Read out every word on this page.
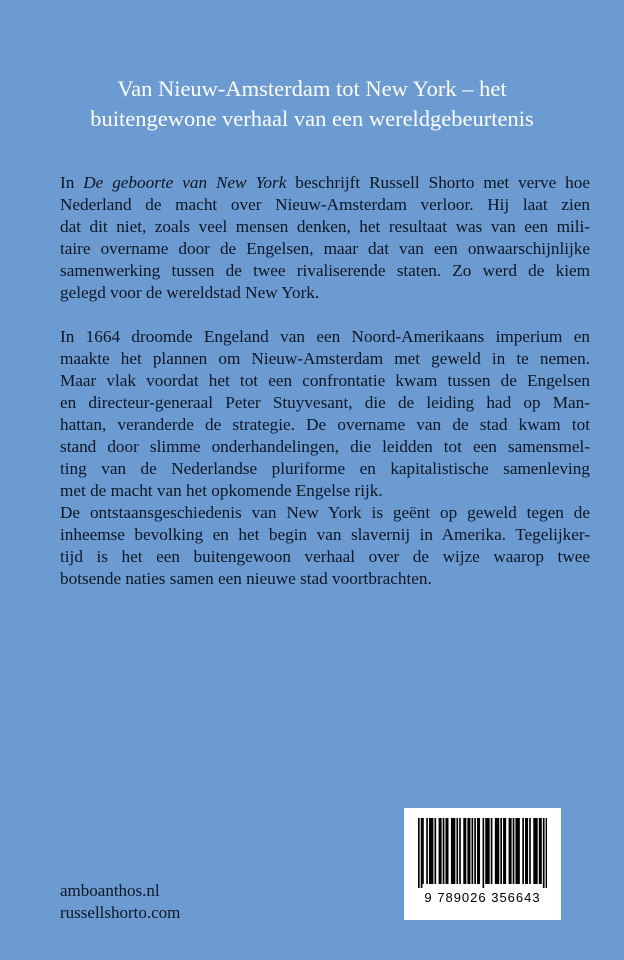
Van Nieuw-Amsterdam tot New York – het
buitengewone verhaal van een wereldgebeurtenis

In De geboorte van New York beschrijft Russell Shorto met verve hoe
Nederland de macht over Nieuw-Amsterdam verloor. Hij laat zien
dat dit niet, zoals veel mensen denken, het resultaat was van een mili-
taire overname door de Engelsen, maar dat van een onwaarschijnlijke
samenwerking tussen de twee rivaliserende staten. Zo werd de kiem
gelegd voor de wereldstad New York.

In 1664 droomde Engeland van een Noord-Amerikaans imperium en
maakte het plannen om Nieuw-Amsterdam met geweld in te nemen.
Maar vlak voordat het tot een confrontatie kwam tussen de Engelsen
en directeur-generaal Peter Stuyvesant, die de leiding had op Man-
hattan, veranderde de strategie. De overname van de stad kwam tot
stand door slimme onderhandelingen, die leidden tot een samensmel-
ting van de Nederlandse pluriforme en kapitalistische samenleving
met de macht van het opkomende Engelse rijk.

De ontstaansgeschiedenis van New York is geënt op geweld tegen de
inheemse bevolking en het begin van slavernij in Amerika. Tegelijker-
tijd is het een buitengewoon verhaal over de wijze waarop twee
botsende naties samen een nieuwe stad voortbrachten.

9 789026 356643
amboanthos.nl
russellshorto.com
